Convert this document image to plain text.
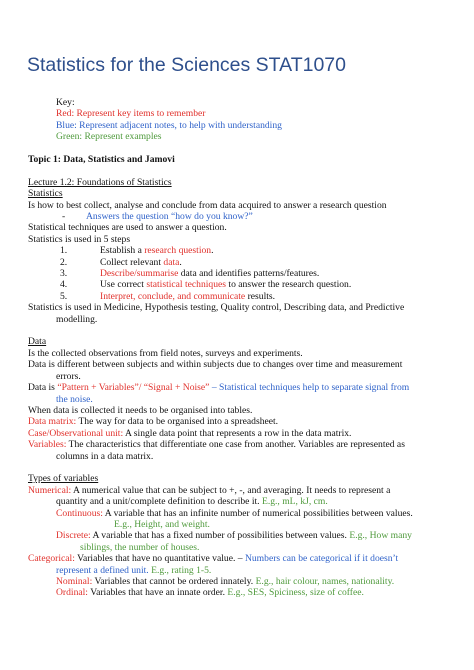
Statistics for the Sciences STAT1070

Key:

Red: Represent key items to remember

Blue: Represent adjacent notes, to help with understanding

Green: Represent examples

Topic 1: Data, Statistics and Jamovi

Lecture 1.2: Foundations of Statistics

Statistics

Is how to best collect, analyse and conclude from data acquired to answer a research question

- Answers the question “how do you know?”

Statistical techniques are used to answer a question.

Statistics is used in 5 steps

1.	Establish a research question.

2.	Collect relevant data.

3.	Describe/summarise data and identifies patterns/features.

4.	Use correct statistical techniques to answer the research question.

5.	Interpret, conclude, and communicate results.

Statistics is used in Medicine, Hypothesis testing, Quality control, Describing data, and Predictive

modelling.

Data

Is the collected observations from field notes, surveys and experiments.

Data is different between subjects and within subjects due to changes over time and measurement

errors.

Data is “Pattern + Variables”/ “Signal + Noise” – Statistical techniques help to separate signal from

the noise.

When data is collected it needs to be organised into tables.

Data matrix: The way for data to be organised into a spreadsheet.

Case/Observational unit: A single data point that represents a row in the data matrix.

Variables: The characteristics that differentiate one case from another. Variables are represented as

columns in a data matrix.

Types of variables

Numerical: A numerical value that can be subject to +, -, and averaging. It needs to represent a

quantity and a unit/complete definition to describe it. E.g., mL, kJ, cm.

Continuous: A variable that has an infinite number of numerical possibilities between values.

E.g., Height, and weight.

Discrete: A variable that has a fixed number of possibilities between values. E.g., How many

siblings, the number of houses.

Categorical: Variables that have no quantitative value. – Numbers can be categorical if it doesn’t

represent a defined unit. E.g., rating 1-5.

Nominal: Variables that cannot be ordered innately. E.g., hair colour, names, nationality.

Ordinal: Variables that have an innate order. E.g., SES, Spiciness, size of coffee.
